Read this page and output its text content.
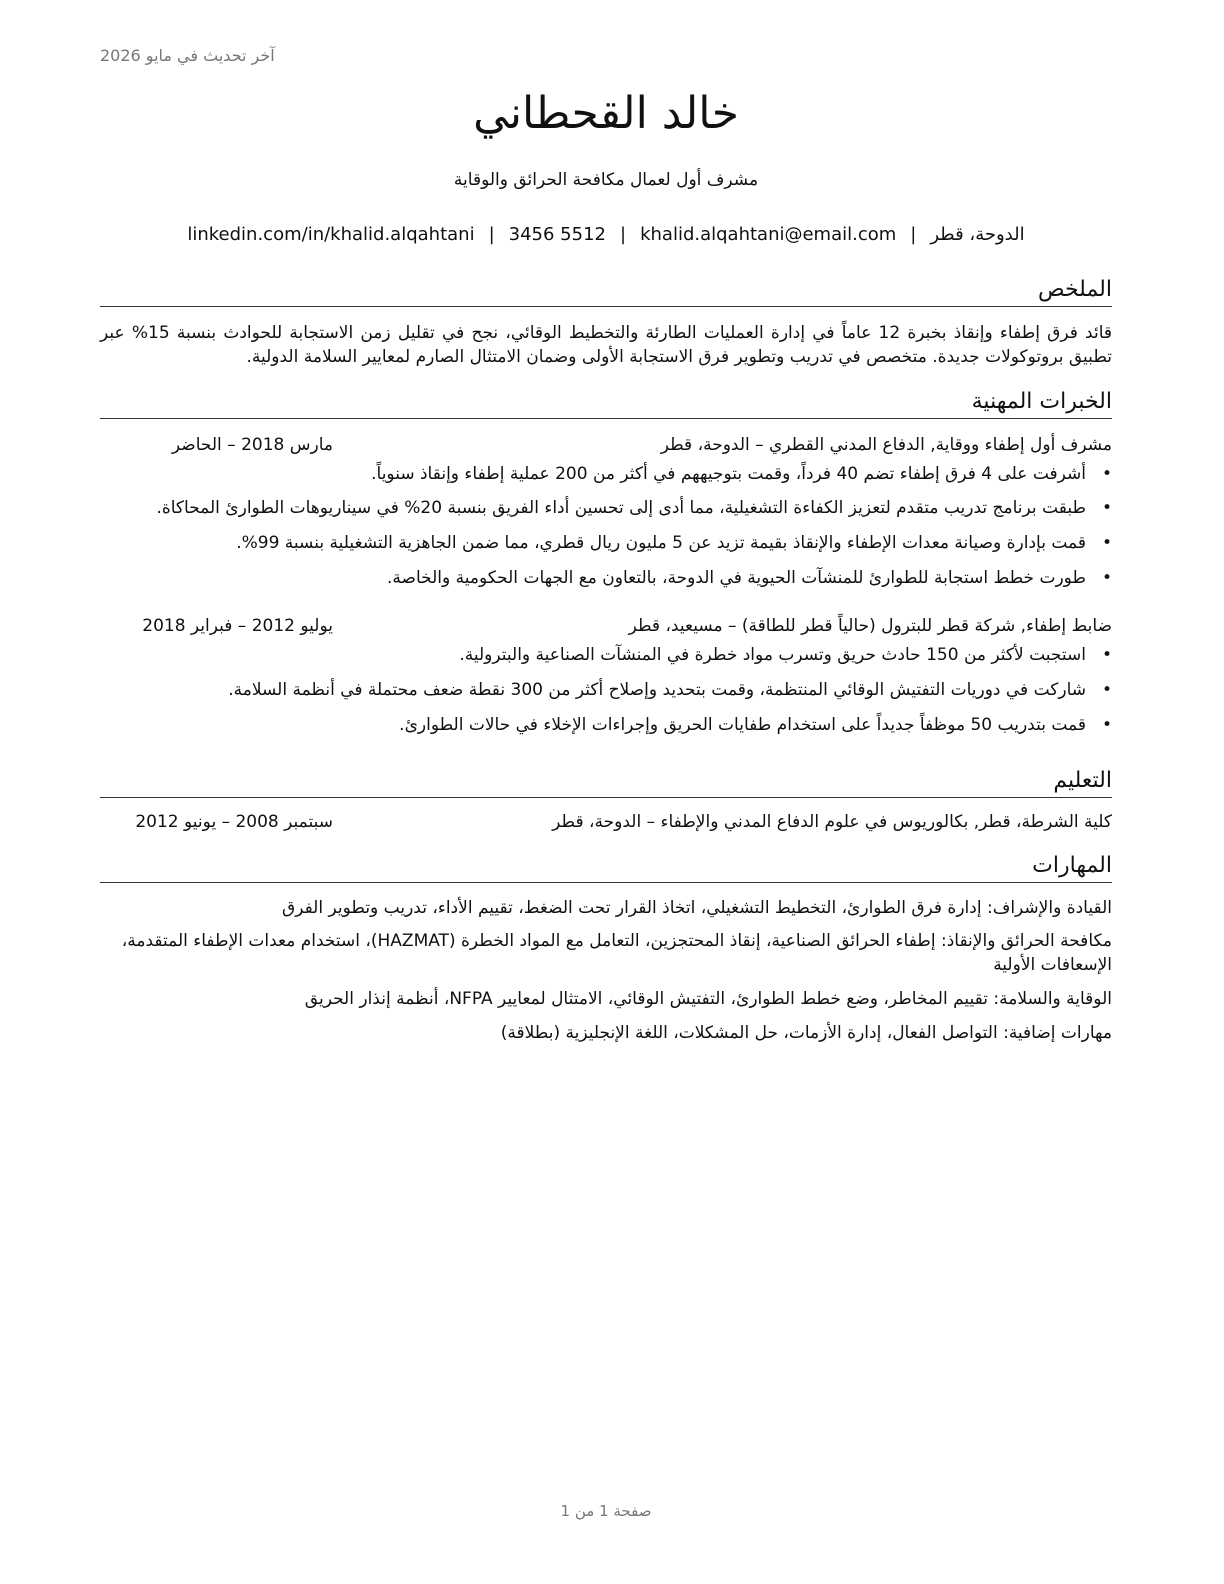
آخر تحديث في مايو 2026
خالد القحطاني
مشرف أول لعمال مكافحة الحرائق والوقاية
الدوحة، قطر|khalid.alqahtani@email.com|3456 5512|linkedin.com/in/khalid.alqahtani
الملخص
قائد فرق إطفاء وإنقاذ بخبرة 12 عاماً في إدارة العمليات الطارئة والتخطيط الوقائي، نجح في تقليل زمن الاستجابة للحوادث بنسبة 15% عبر تطبيق بروتوكولات جديدة. متخصص في تدريب وتطوير فرق الاستجابة الأولى وضمان الامتثال الصارم لمعايير السلامة الدولية.
الخبرات المهنية
مشرف أول إطفاء ووقاية, الدفاع المدني القطري – الدوحة، قطر
مارس 2018 – الحاضر
• أشرفت على 4 فرق إطفاء تضم 40 فرداً، وقمت بتوجيههم في أكثر من 200 عملية إطفاء وإنقاذ سنوياً.
• طبقت برنامج تدريب متقدم لتعزيز الكفاءة التشغيلية، مما أدى إلى تحسين أداء الفريق بنسبة 20% في سيناريوهات الطوارئ المحاكاة.
• قمت بإدارة وصيانة معدات الإطفاء والإنقاذ بقيمة تزيد عن 5 مليون ريال قطري، مما ضمن الجاهزية التشغيلية بنسبة 99%.
• طورت خطط استجابة للطوارئ للمنشآت الحيوية في الدوحة، بالتعاون مع الجهات الحكومية والخاصة.
ضابط إطفاء, شركة قطر للبترول (حالياً قطر للطاقة) – مسيعيد، قطر
يوليو 2012 – فبراير 2018
• استجبت لأكثر من 150 حادث حريق وتسرب مواد خطرة في المنشآت الصناعية والبترولية.
• شاركت في دوريات التفتيش الوقائي المنتظمة، وقمت بتحديد وإصلاح أكثر من 300 نقطة ضعف محتملة في أنظمة السلامة.
• قمت بتدريب 50 موظفاً جديداً على استخدام طفايات الحريق وإجراءات الإخلاء في حالات الطوارئ.
التعليم
كلية الشرطة، قطر, بكالوريوس في علوم الدفاع المدني والإطفاء – الدوحة، قطر
سبتمبر 2008 – يونيو 2012
المهارات
القيادة والإشراف: إدارة فرق الطوارئ، التخطيط التشغيلي، اتخاذ القرار تحت الضغط، تقييم الأداء، تدريب وتطوير الفرق
مكافحة الحرائق والإنقاذ: إطفاء الحرائق الصناعية، إنقاذ المحتجزين، التعامل مع المواد الخطرة (HAZMAT)، استخدام معدات الإطفاء المتقدمة، الإسعافات الأولية
الوقاية والسلامة: تقييم المخاطر، وضع خطط الطوارئ، التفتيش الوقائي، الامتثال لمعايير NFPA، أنظمة إنذار الحريق
مهارات إضافية: التواصل الفعال، إدارة الأزمات، حل المشكلات، اللغة الإنجليزية (بطلاقة)
صفحة 1 من 1
